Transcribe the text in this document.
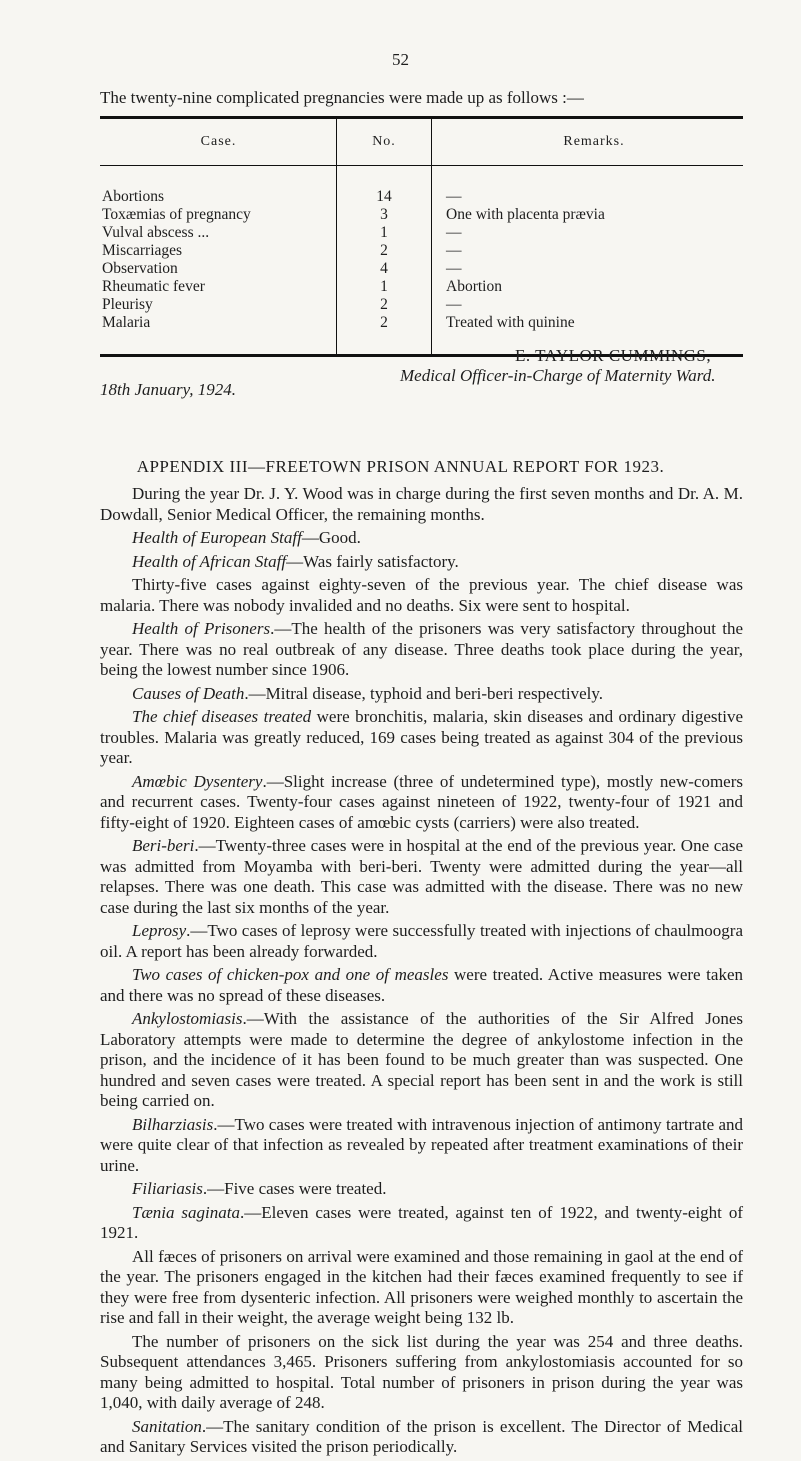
52
The twenty-nine complicated pregnancies were made up as follows :—
Case.	No.	Remarks.
Abortions	14	—
Toxæmias of pregnancy	3	One with placenta prævia
Vulval abscess ...	1	—
Miscarriages	2	—
Observation	4	—
Rheumatic fever	1	Abortion
Pleurisy	2	—
Malaria	2	Treated with quinine
E. TAYLOR CUMMINGS,
Medical Officer-in-Charge of Maternity Ward.
18th January, 1924.
APPENDIX III—FREETOWN PRISON ANNUAL REPORT FOR 1923.

During the year Dr. J. Y. Wood was in charge during the first seven months and Dr. A. M. Dowdall, Senior Medical Officer, the remaining months.

Health of European Staff—Good.

Health of African Staff—Was fairly satisfactory.

Thirty-five cases against eighty-seven of the previous year. The chief disease was malaria. There was nobody invalided and no deaths. Six were sent to hospital.

Health of Prisoners.—The health of the prisoners was very satisfactory throughout the year. There was no real outbreak of any disease. Three deaths took place during the year, being the lowest number since 1906.

Causes of Death.—Mitral disease, typhoid and beri-beri respectively.

The chief diseases treated were bronchitis, malaria, skin diseases and ordinary digestive troubles. Malaria was greatly reduced, 169 cases being treated as against 304 of the previous year.

Amœbic Dysentery.—Slight increase (three of undetermined type), mostly new-comers and recurrent cases. Twenty-four cases against nineteen of 1922, twenty-four of 1921 and fifty-eight of 1920. Eighteen cases of amœbic cysts (carriers) were also treated.

Beri-beri.—Twenty-three cases were in hospital at the end of the previous year. One case was admitted from Moyamba with beri-beri. Twenty were admitted during the year—all relapses. There was one death. This case was admitted with the disease. There was no new case during the last six months of the year.

Leprosy.—Two cases of leprosy were successfully treated with injections of chaulmoogra oil. A report has been already forwarded.

Two cases of chicken-pox and one of measles were treated. Active measures were taken and there was no spread of these diseases.

Ankylostomiasis.—With the assistance of the authorities of the Sir Alfred Jones Laboratory attempts were made to determine the degree of ankylostome infection in the prison, and the incidence of it has been found to be much greater than was suspected. One hundred and seven cases were treated. A special report has been sent in and the work is still being carried on.

Bilharziasis.—Two cases were treated with intravenous injection of antimony tartrate and were quite clear of that infection as revealed by repeated after treatment examinations of their urine.

Filiariasis.—Five cases were treated.

Tænia saginata.—Eleven cases were treated, against ten of 1922, and twenty-eight of 1921.

All fæces of prisoners on arrival were examined and those remaining in gaol at the end of the year. The prisoners engaged in the kitchen had their fæces examined frequently to see if they were free from dysenteric infection. All prisoners were weighed monthly to ascertain the rise and fall in their weight, the average weight being 132 lb.

The number of prisoners on the sick list during the year was 254 and three deaths. Subsequent attendances 3,465. Prisoners suffering from ankylostomiasis accounted for so many being admitted to hospital. Total number of prisoners in prison during the year was 1,040, with daily average of 248.

Sanitation.—The sanitary condition of the prison is excellent. The Director of Medical and Sanitary Services visited the prison periodically.
